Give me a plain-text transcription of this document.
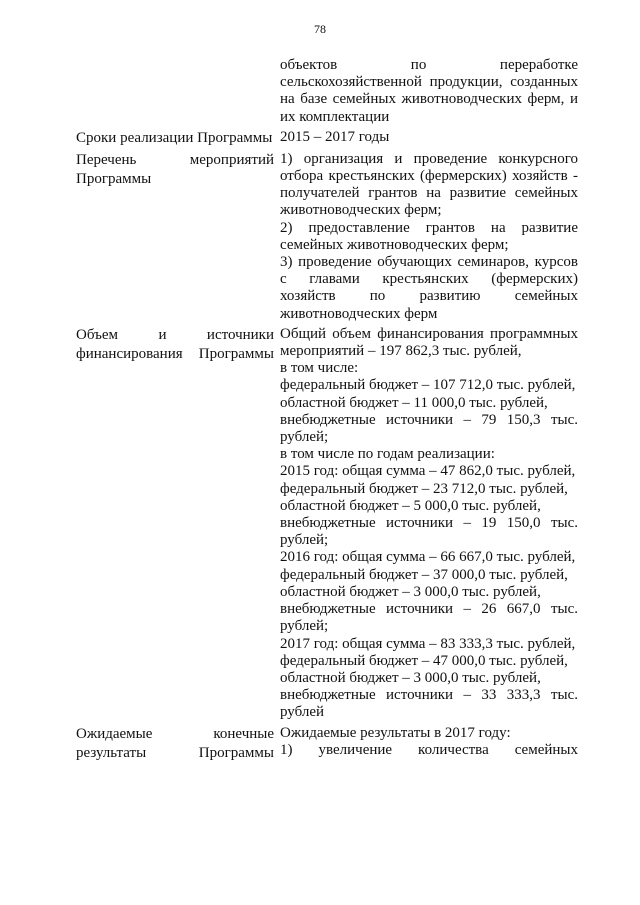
78

объектов по переработке сельскохозяйственной продукции, созданных на базе семейных животноводческих ферм, и их комплектации

Сроки реализации Программы 2015 – 2017 годы

Перечень мероприятий Программы

1) организация и проведение конкурсного отбора крестьянских (фермерских) хозяйств - получателей грантов на развитие семейных животноводческих ферм;

2) предоставление грантов на развитие семейных животноводческих ферм;

3) проведение обучающих семинаров, курсов с главами крестьянских (фермерских) хозяйств по развитию семейных животноводческих ферм

Объем и источники финансирования Программы

Общий объем финансирования программных мероприятий – 197 862,3 тыс. рублей,

в том числе:

федеральный бюджет – 107 712,0 тыс. рублей,

областной бюджет – 11 000,0 тыс. рублей,

внебюджетные источники – 79 150,3 тыс. рублей;

в том числе по годам реализации:

2015 год: общая сумма – 47 862,0 тыс. рублей,

федеральный бюджет – 23 712,0 тыс. рублей,

областной бюджет – 5 000,0 тыс. рублей,

внебюджетные источники – 19 150,0 тыс. рублей;

2016 год: общая сумма – 66 667,0 тыс. рублей,

федеральный бюджет – 37 000,0 тыс. рублей,

областной бюджет – 3 000,0 тыс. рублей,

внебюджетные источники – 26 667,0 тыс. рублей;

2017 год: общая сумма – 83 333,3 тыс. рублей,

федеральный бюджет – 47 000,0 тыс. рублей,

областной бюджет – 3 000,0 тыс. рублей,

внебюджетные источники – 33 333,3 тыс. рублей

Ожидаемые конечные результаты Программы

Ожидаемые результаты в 2017 году:

1) увеличение количества семейных
